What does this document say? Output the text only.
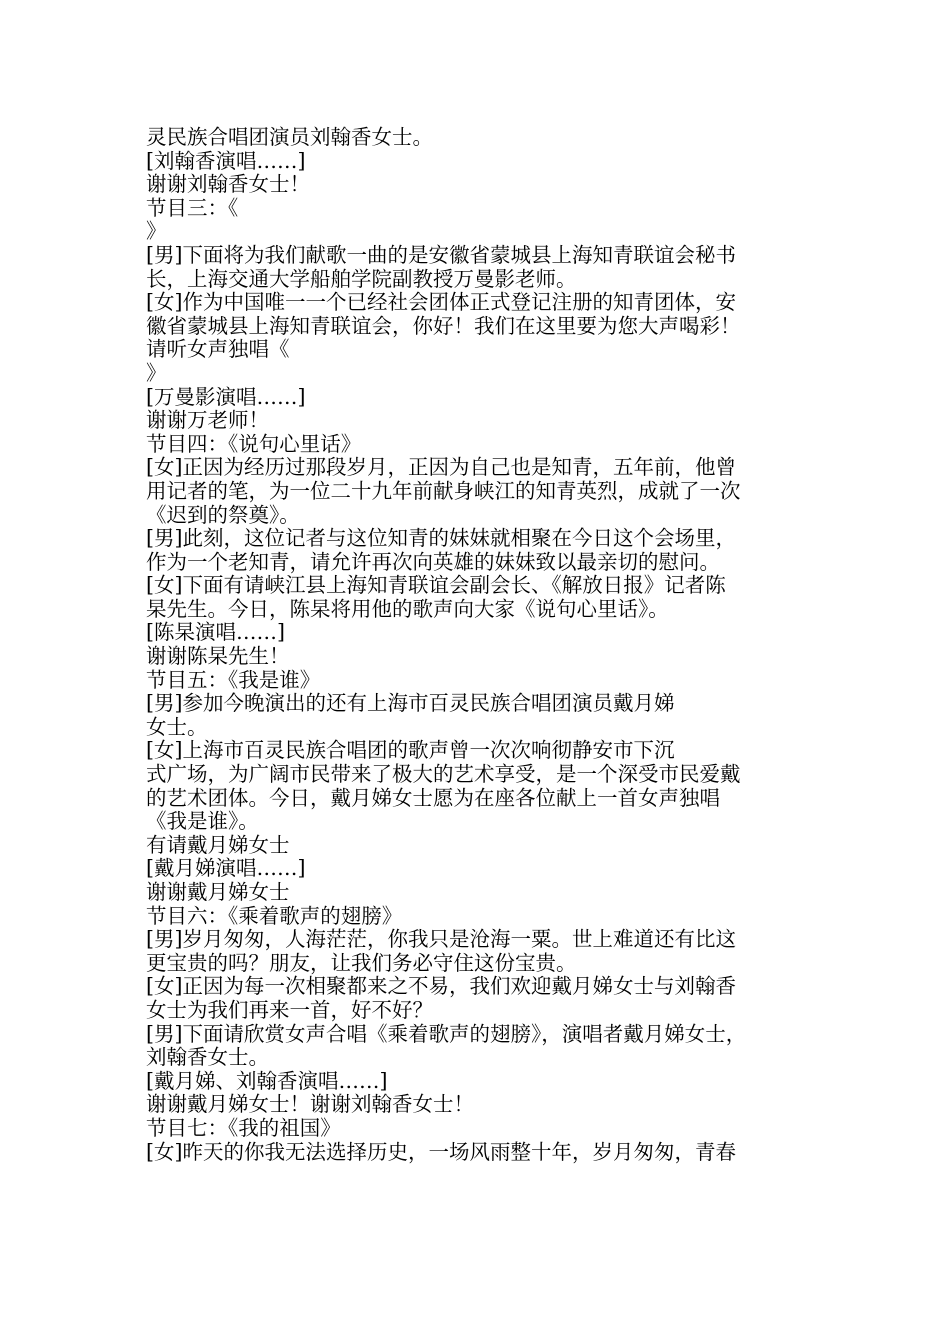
灵民族合唱团演员刘翰香女士。
[刘翰香演唱……]
谢谢刘翰香女士！
节目三：《
》
[男]下面将为我们献歌一曲的是安徽省蒙城县上海知青联谊会秘书
长，上海交通大学船舶学院副教授万曼影老师。
[女]作为中国唯一一个已经社会团体正式登记注册的知青团体，安
徽省蒙城县上海知青联谊会，你好！我们在这里要为您大声喝彩！
请听女声独唱《
》
[万曼影演唱……]
谢谢万老师！
节目四：《说句心里话》
[女]正因为经历过那段岁月，正因为自己也是知青，五年前，他曾
用记者的笔，为一位二十九年前献身峡江的知青英烈，成就了一次
《迟到的祭奠》。
[男]此刻，这位记者与这位知青的妹妹就相聚在今日这个会场里，
作为一个老知青，请允许再次向英雄的妹妹致以最亲切的慰问。
[女]下面有请峡江县上海知青联谊会副会长、《解放日报》记者陈
杲先生。今日，陈杲将用他的歌声向大家《说句心里话》。
[陈杲演唱……]
谢谢陈杲先生！
节目五：《我是谁》
[男]参加今晚演出的还有上海市百灵民族合唱团演员戴月娣
女士。
[女]上海市百灵民族合唱团的歌声曾一次次响彻静安市下沉
式广场，为广阔市民带来了极大的艺术享受，是一个深受市民爱戴
的艺术团体。今日，戴月娣女士愿为在座各位献上一首女声独唱
《我是谁》。
有请戴月娣女士
[戴月娣演唱……]
谢谢戴月娣女士
节目六：《乘着歌声的翅膀》
[男]岁月匆匆，人海茫茫，你我只是沧海一粟。世上难道还有比这
更宝贵的吗？朋友，让我们务必守住这份宝贵。
[女]正因为每一次相聚都来之不易，我们欢迎戴月娣女士与刘翰香
女士为我们再来一首，好不好？
[男]下面请欣赏女声合唱《乘着歌声的翅膀》，演唱者戴月娣女士，
刘翰香女士。
[戴月娣、刘翰香演唱……]
谢谢戴月娣女士！谢谢刘翰香女士！
节目七：《我的祖国》
[女]昨天的你我无法选择历史，一场风雨整十年，岁月匆匆，青春
